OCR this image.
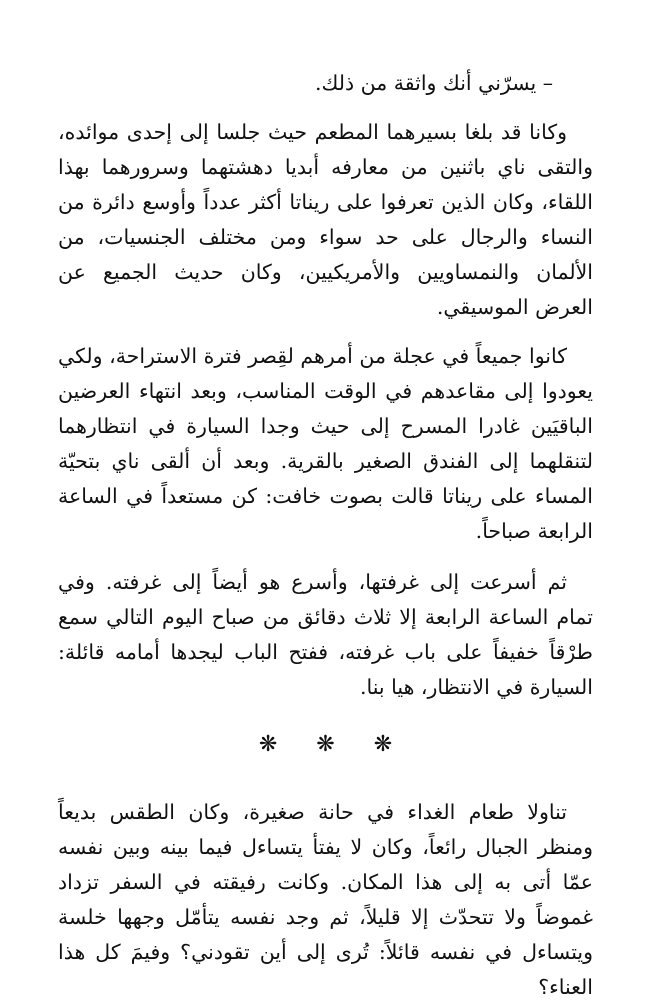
– يسرّني أنك واثقة من ذلك.

وكانا قد بلغا بسيرهما المطعم حيث جلسا إلى إحدى موائده، والتقى ناي باثنين من معارفه أبديا دهشتهما وسرورهما بهذا اللقاء، وكان الذين تعرفوا على ريناتا أكثر عدداً وأوسع دائرة من النساء والرجال على حد سواء ومن مختلف الجنسيات، من الألمان والنمساويين والأمريكيين، وكان حديث الجميع عن العرض الموسيقي.

كانوا جميعاً في عجلة من أمرهم لقِصر فترة الاستراحة، ولكي يعودوا إلى مقاعدهم في الوقت المناسب، وبعد انتهاء العرضين الباقيَين غادرا المسرح إلى حيث وجدا السيارة في انتظارهما لتنقلهما إلى الفندق الصغير بالقرية. وبعد أن ألقى ناي بتحيّة المساء على ريناتا قالت بصوت خافت: كن مستعداً في الساعة الرابعة صباحاً.

ثم أسرعت إلى غرفتها، وأسرع هو أيضاً إلى غرفته. وفي تمام الساعة الرابعة إلا ثلاث دقائق من صباح اليوم التالي سمع طرْقاً خفيفاً على باب غرفته، ففتح الباب ليجدها أمامه قائلة: السيارة في الانتظار، هيا بنا.

❋ ❋ ❋

تناولا طعام الغداء في حانة صغيرة، وكان الطقس بديعاً ومنظر الجبال رائعاً، وكان لا يفتأ يتساءل فيما بينه وبين نفسه عمّا أتى به إلى هذا المكان. وكانت رفيقته في السفر تزداد غموضاً ولا تتحدّث إلا قليلاً، ثم وجد نفسه يتأمّل وجهها خلسة ويتساءل في نفسه قائلاً: تُرى إلى أين تقودني؟ وفيمَ كل هذا العناء؟
